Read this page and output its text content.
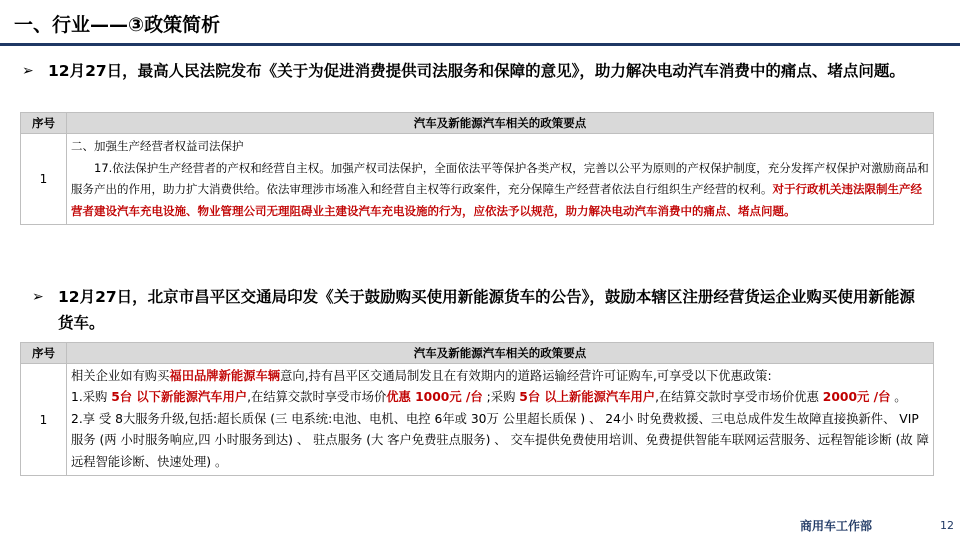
一、行业——③政策简析
➢ 12月27日，最高人民法院发布《关于为促进消费提供司法服务和保障的意见》，助力解决电动汽车消费中的痛点、堵点问题。
序号	汽车及新能源汽车相关的政策要点
1	二、加强生产经营者权益司法保护
17.依法保护生产经营者的产权和经营自主权。加强产权司法保护，全面依法平等保护各类产权，完善以公平为原则的产权保护制度，充分发挥产权保护对激励商品和服务产出的作用，助力扩大消费供给。依法审理涉市场准入和经营自主权等行政案件，充分保障生产经营者依法自行组织生产经营的权利。对于行政机关违法限制生产经营者建设汽车充电设施、物业管理公司无理阻碍业主建设汽车充电设施的行为，应依法予以规范，助力解决电动汽车消费中的痛点、堵点问题。
➢ 12月27日，北京市昌平区交通局印发《关于鼓励购买使用新能源货车的公告》，鼓励本辖区注册经营货运企业购买使用新能源货车。
序号	汽车及新能源汽车相关的政策要点
1	相关企业如有购买福田品牌新能源车辆意向,持有昌平区交通局制发且在有效期内的道路运输经营许可证购车,可享受以下优惠政策:
1.采购 5台 以下新能源汽车用户,在结算交款时享受市场价优惠 1000元 /台 ;采购 5台 以上新能源汽车用户,在结算交款时享受市场价优惠 2000元 /台 。
2.享 受 8大服务升级,包括:超长质保 (三 电系统:电池、电机、电控 6年或 30万 公里超长质保 ) 、 24小 时免费救援、三电总成件发生故障直接换新件、 VIP服务 (两 小时服务响应,四 小时服务到达) 、 驻点服务 (大 客户免费驻点服务) 、 交车提供免费使用培训、免费提供智能车联网运营服务、远程智能诊断 (故 障远程智能诊断、快速处理) 。
商用车工作部	12
